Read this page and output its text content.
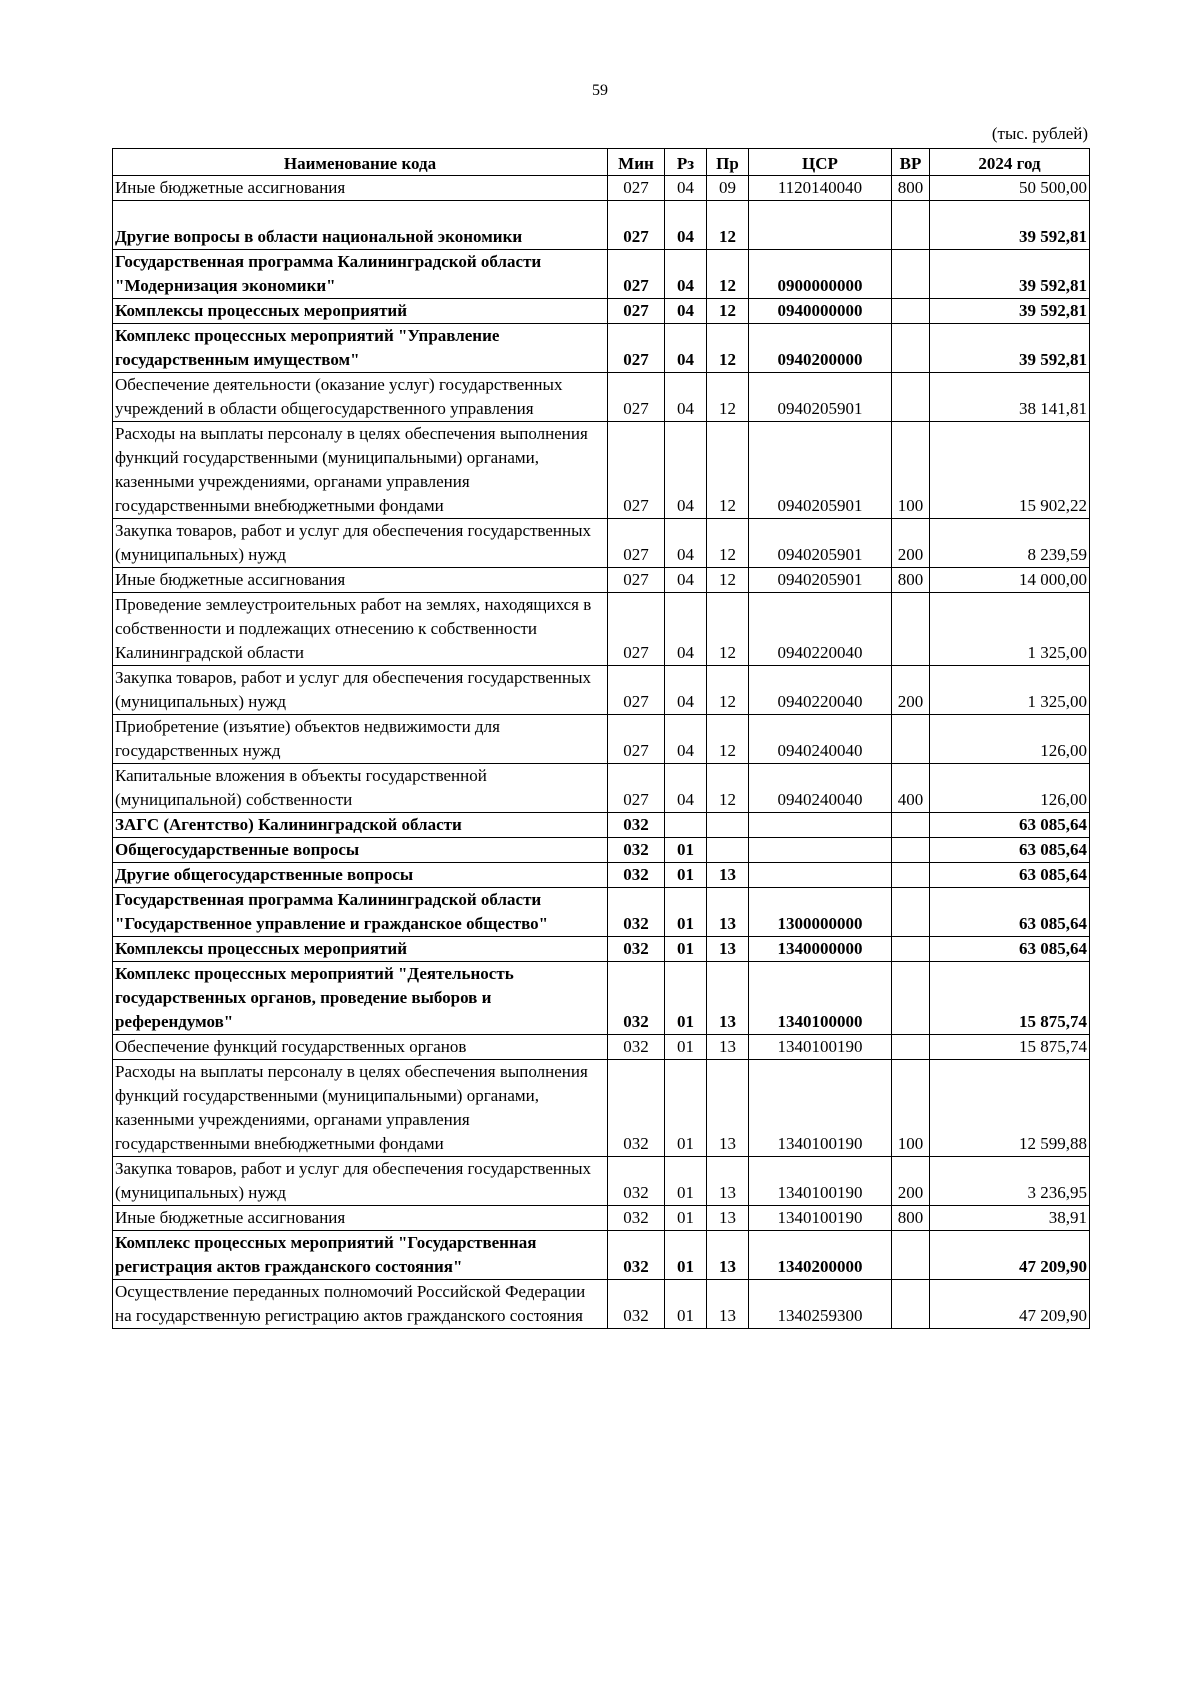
59
(тыс. рублей)
Наименование кода	Мин	Рз	Пр	ЦСР	ВР	2024 год
Иные бюджетные ассигнования	027	04	09	1120140040	800	50 500,00
Другие вопросы в области национальной экономики	027	04	12			39 592,81
Государственная программа Калининградской области "Модернизация экономики"	027	04	12	0900000000		39 592,81
Комплексы процессных мероприятий	027	04	12	0940000000		39 592,81
Комплекс процессных мероприятий "Управление государственным имуществом"	027	04	12	0940200000		39 592,81
Обеспечение деятельности (оказание услуг) государственных учреждений в области общегосударственного управления	027	04	12	0940205901		38 141,81
Расходы на выплаты персоналу в целях обеспечения выполнения функций государственными (муниципальными) органами, казенными учреждениями, органами управления государственными внебюджетными фондами	027	04	12	0940205901	100	15 902,22
Закупка товаров, работ и услуг для обеспечения государственных (муниципальных) нужд	027	04	12	0940205901	200	8 239,59
Иные бюджетные ассигнования	027	04	12	0940205901	800	14 000,00
Проведение землеустроительных работ на землях, находящихся в собственности и подлежащих отнесению к собственности Калининградской области	027	04	12	0940220040		1 325,00
Закупка товаров, работ и услуг для обеспечения государственных (муниципальных) нужд	027	04	12	0940220040	200	1 325,00
Приобретение (изъятие) объектов недвижимости для государственных нужд	027	04	12	0940240040		126,00
Капитальные вложения в объекты государственной (муниципальной) собственности	027	04	12	0940240040	400	126,00
ЗАГС (Агентство) Калининградской области	032					63 085,64
Общегосударственные вопросы	032	01				63 085,64
Другие общегосударственные вопросы	032	01	13			63 085,64
Государственная программа Калининградской области "Государственное управление и гражданское общество"	032	01	13	1300000000		63 085,64
Комплексы процессных мероприятий	032	01	13	1340000000		63 085,64
Комплекс процессных мероприятий "Деятельность государственных органов, проведение выборов и референдумов"	032	01	13	1340100000		15 875,74
Обеспечение функций государственных органов	032	01	13	1340100190		15 875,74
Расходы на выплаты персоналу в целях обеспечения выполнения функций государственными (муниципальными) органами, казенными учреждениями, органами управления государственными внебюджетными фондами	032	01	13	1340100190	100	12 599,88
Закупка товаров, работ и услуг для обеспечения государственных (муниципальных) нужд	032	01	13	1340100190	200	3 236,95
Иные бюджетные ассигнования	032	01	13	1340100190	800	38,91
Комплекс процессных мероприятий "Государственная регистрация актов гражданского состояния"	032	01	13	1340200000		47 209,90
Осуществление переданных полномочий Российской Федерации на государственную регистрацию актов гражданского состояния	032	01	13	1340259300		47 209,90
